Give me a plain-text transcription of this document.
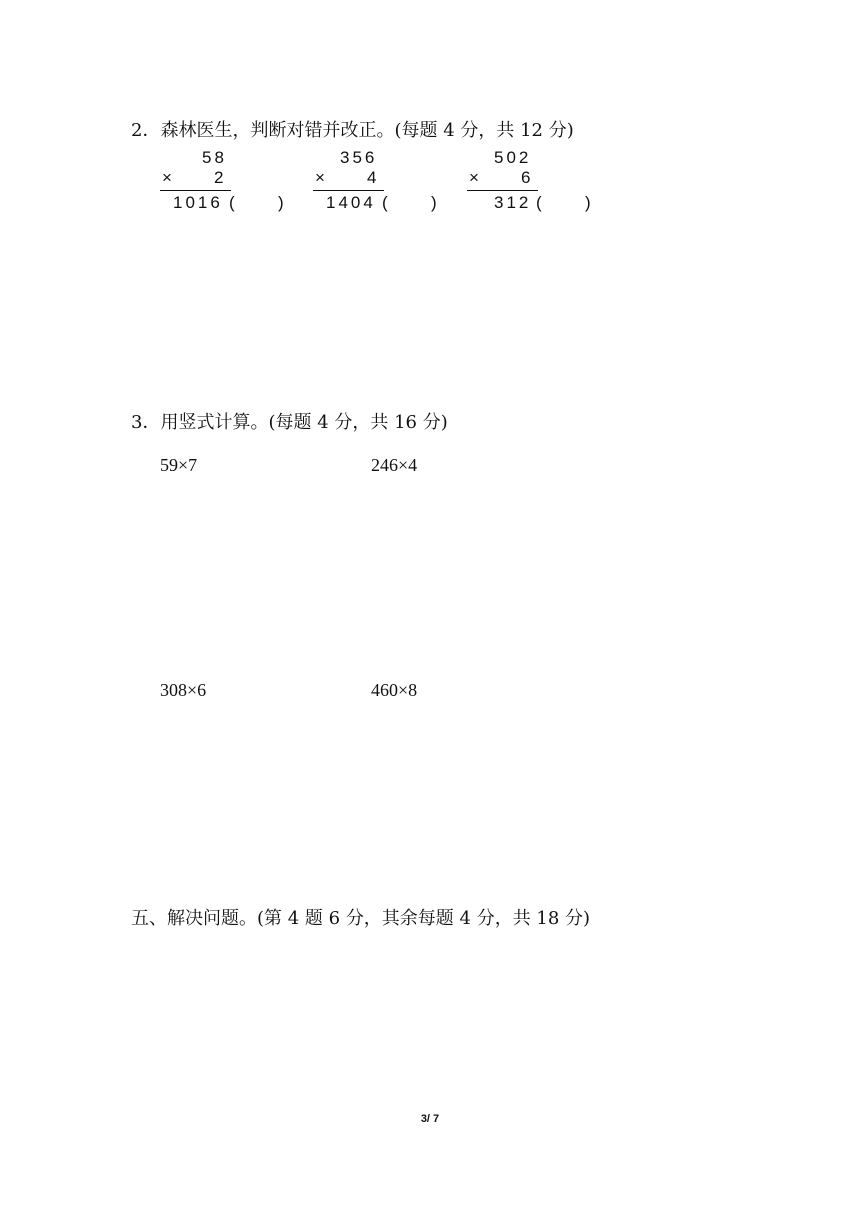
2．森林医生，判断对错并改正。(每题 4 分，共 12 分)
58
× 2
1016 (	)
356
× 4
1404 (	)
502
× 6
312 (	)
3．用竖式计算。(每题 4 分，共 16 分)
59×7	246×4
308×6	460×8
五、解决问题。(第 4 题 6 分，其余每题 4 分，共 18 分)
3/ 7
